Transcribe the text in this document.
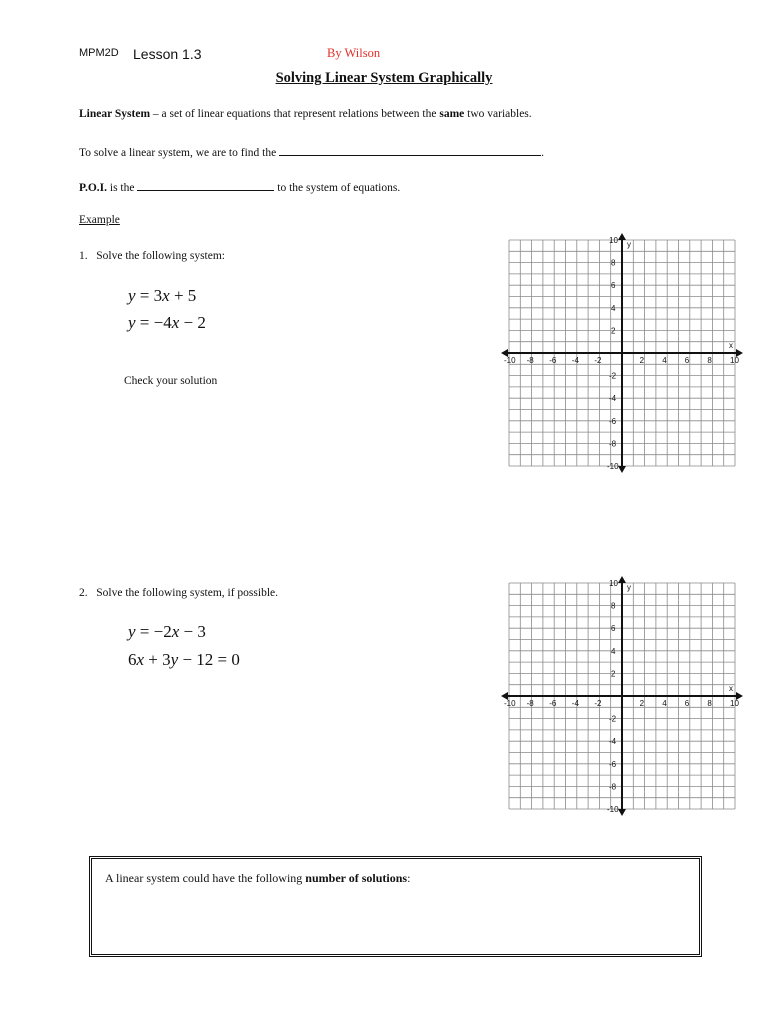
MPM2D Lesson 1.3	By Wilson
Solving Linear System Graphically
Linear System – a set of linear equations that represent relations between the same two variables.
To solve a linear system, we are to find the	.
P.O.I. is the	to the system of equations.
Example
1. Solve the following system:
y = 3x + 5
y = −4x − 2
Check your solution
2. Solve the following system, if possible.
y = −2x − 3
6x + 3y − 12 = 0
-10 -8 -6 -4 -2	2 4 6 8 10
10
8
6
4
2
-2
-4
-6
-8
-10
x
y
-10 -8 -6 -4 -2	2 4 6 8 10
10
8
6
4
2
-2
-4
-6
-8
-10
x
y
A linear system could have the following number of solutions:
